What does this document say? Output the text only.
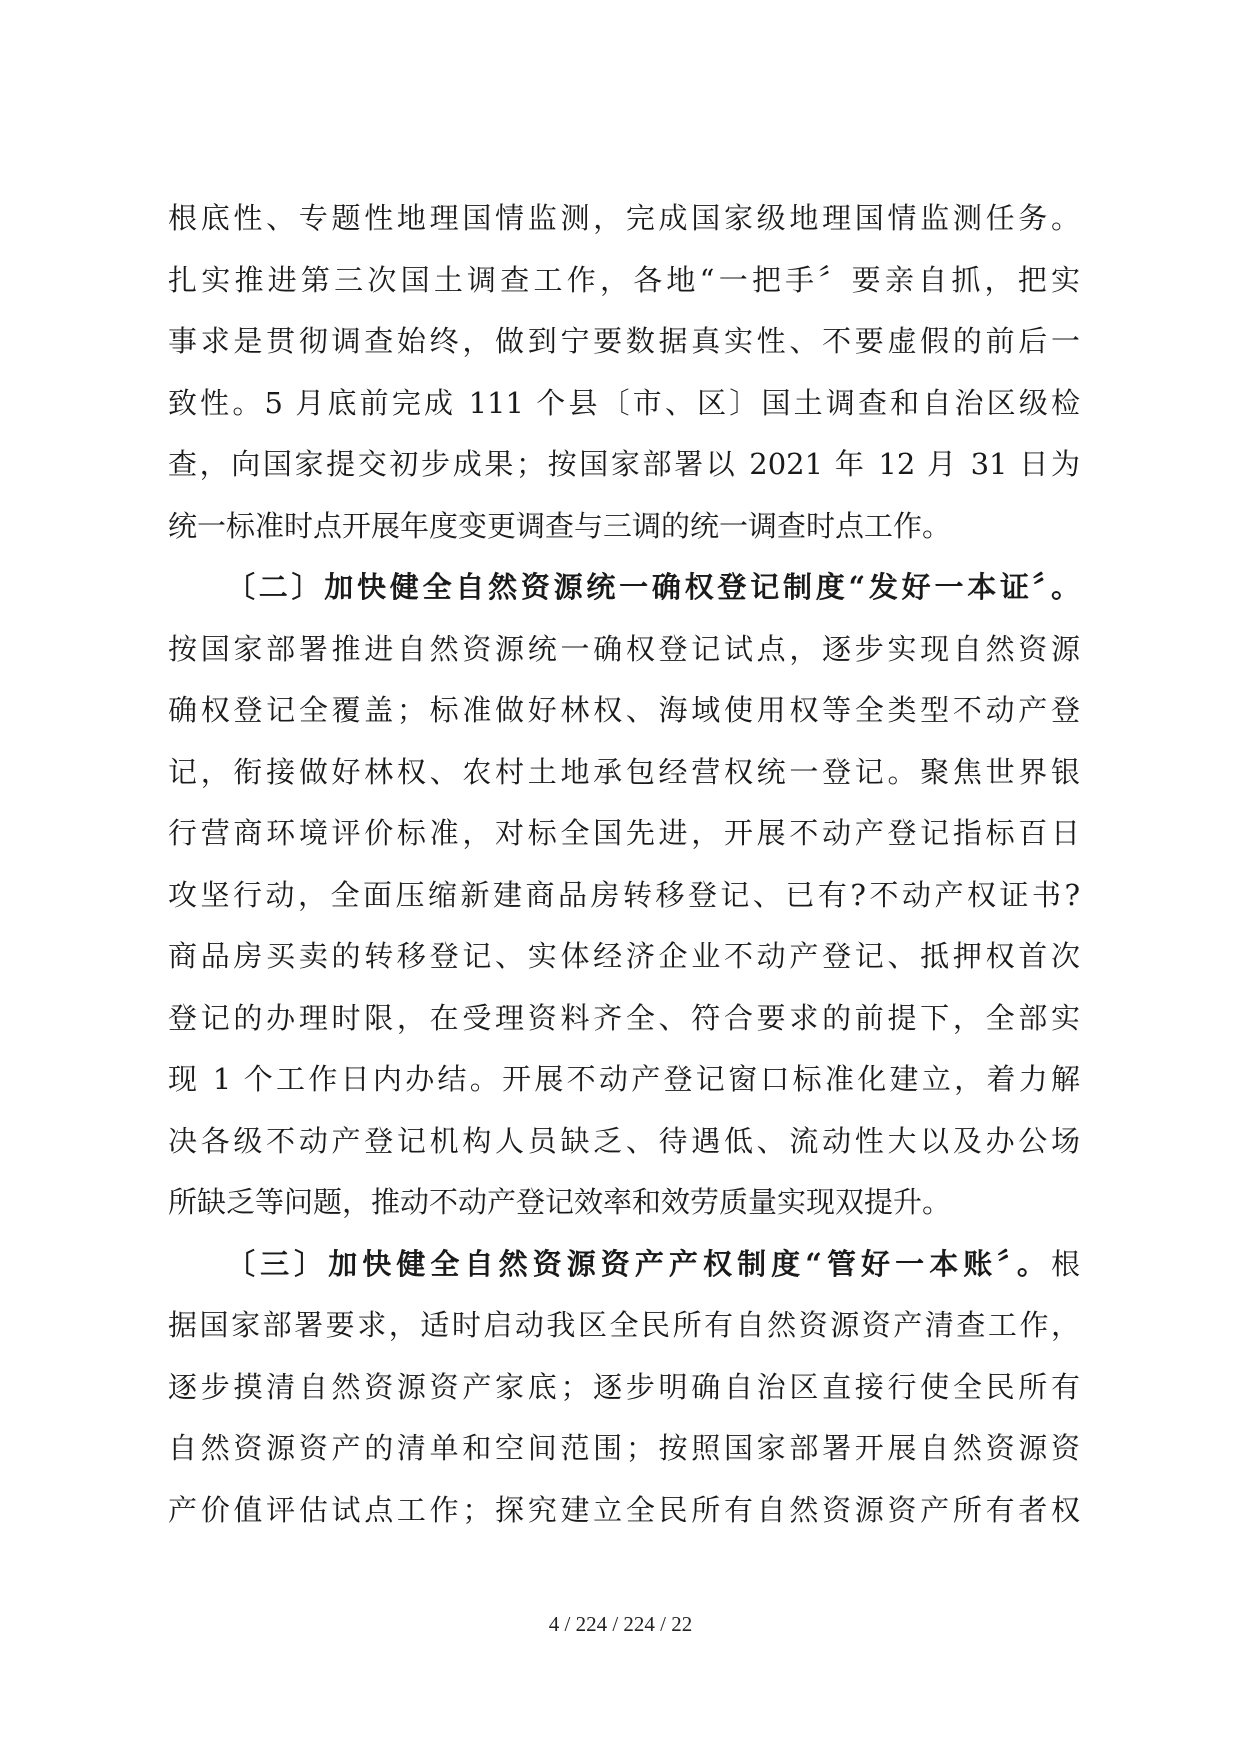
根底性、专题性地理国情监测，完成国家级地理国情监测任务。
扎实推进第三次国土调查工作，各地“一把手〞要亲自抓，把实
事求是贯彻调查始终，做到宁要数据真实性、不要虚假的前后一
致性。5 月底前完成 111 个县〔市、区〕国土调查和自治区级检
查，向国家提交初步成果；按国家部署以 2021 年 12 月 31 日为
统一标准时点开展年度变更调查与三调的统一调查时点工作。
〔二〕加快健全自然资源统一确权登记制度“发好一本证〞。
按国家部署推进自然资源统一确权登记试点，逐步实现自然资源
确权登记全覆盖；标准做好林权、海域使用权等全类型不动产登
记，衔接做好林权、农村土地承包经营权统一登记。聚焦世界银
行营商环境评价标准，对标全国先进，开展不动产登记指标百日
攻坚行动，全面压缩新建商品房转移登记、已有?不动产权证书?
商品房买卖的转移登记、实体经济企业不动产登记、抵押权首次
登记的办理时限，在受理资料齐全、符合要求的前提下，全部实
现 1 个工作日内办结。开展不动产登记窗口标准化建立，着力解
决各级不动产登记机构人员缺乏、待遇低、流动性大以及办公场
所缺乏等问题，推动不动产登记效率和效劳质量实现双提升。
〔三〕加快健全自然资源资产产权制度“管好一本账〞。根
据国家部署要求，适时启动我区全民所有自然资源资产清查工作，
逐步摸清自然资源资产家底；逐步明确自治区直接行使全民所有
自然资源资产的清单和空间范围；按照国家部署开展自然资源资
产价值评估试点工作；探究建立全民所有自然资源资产所有者权
4 / 224 / 224 / 22
